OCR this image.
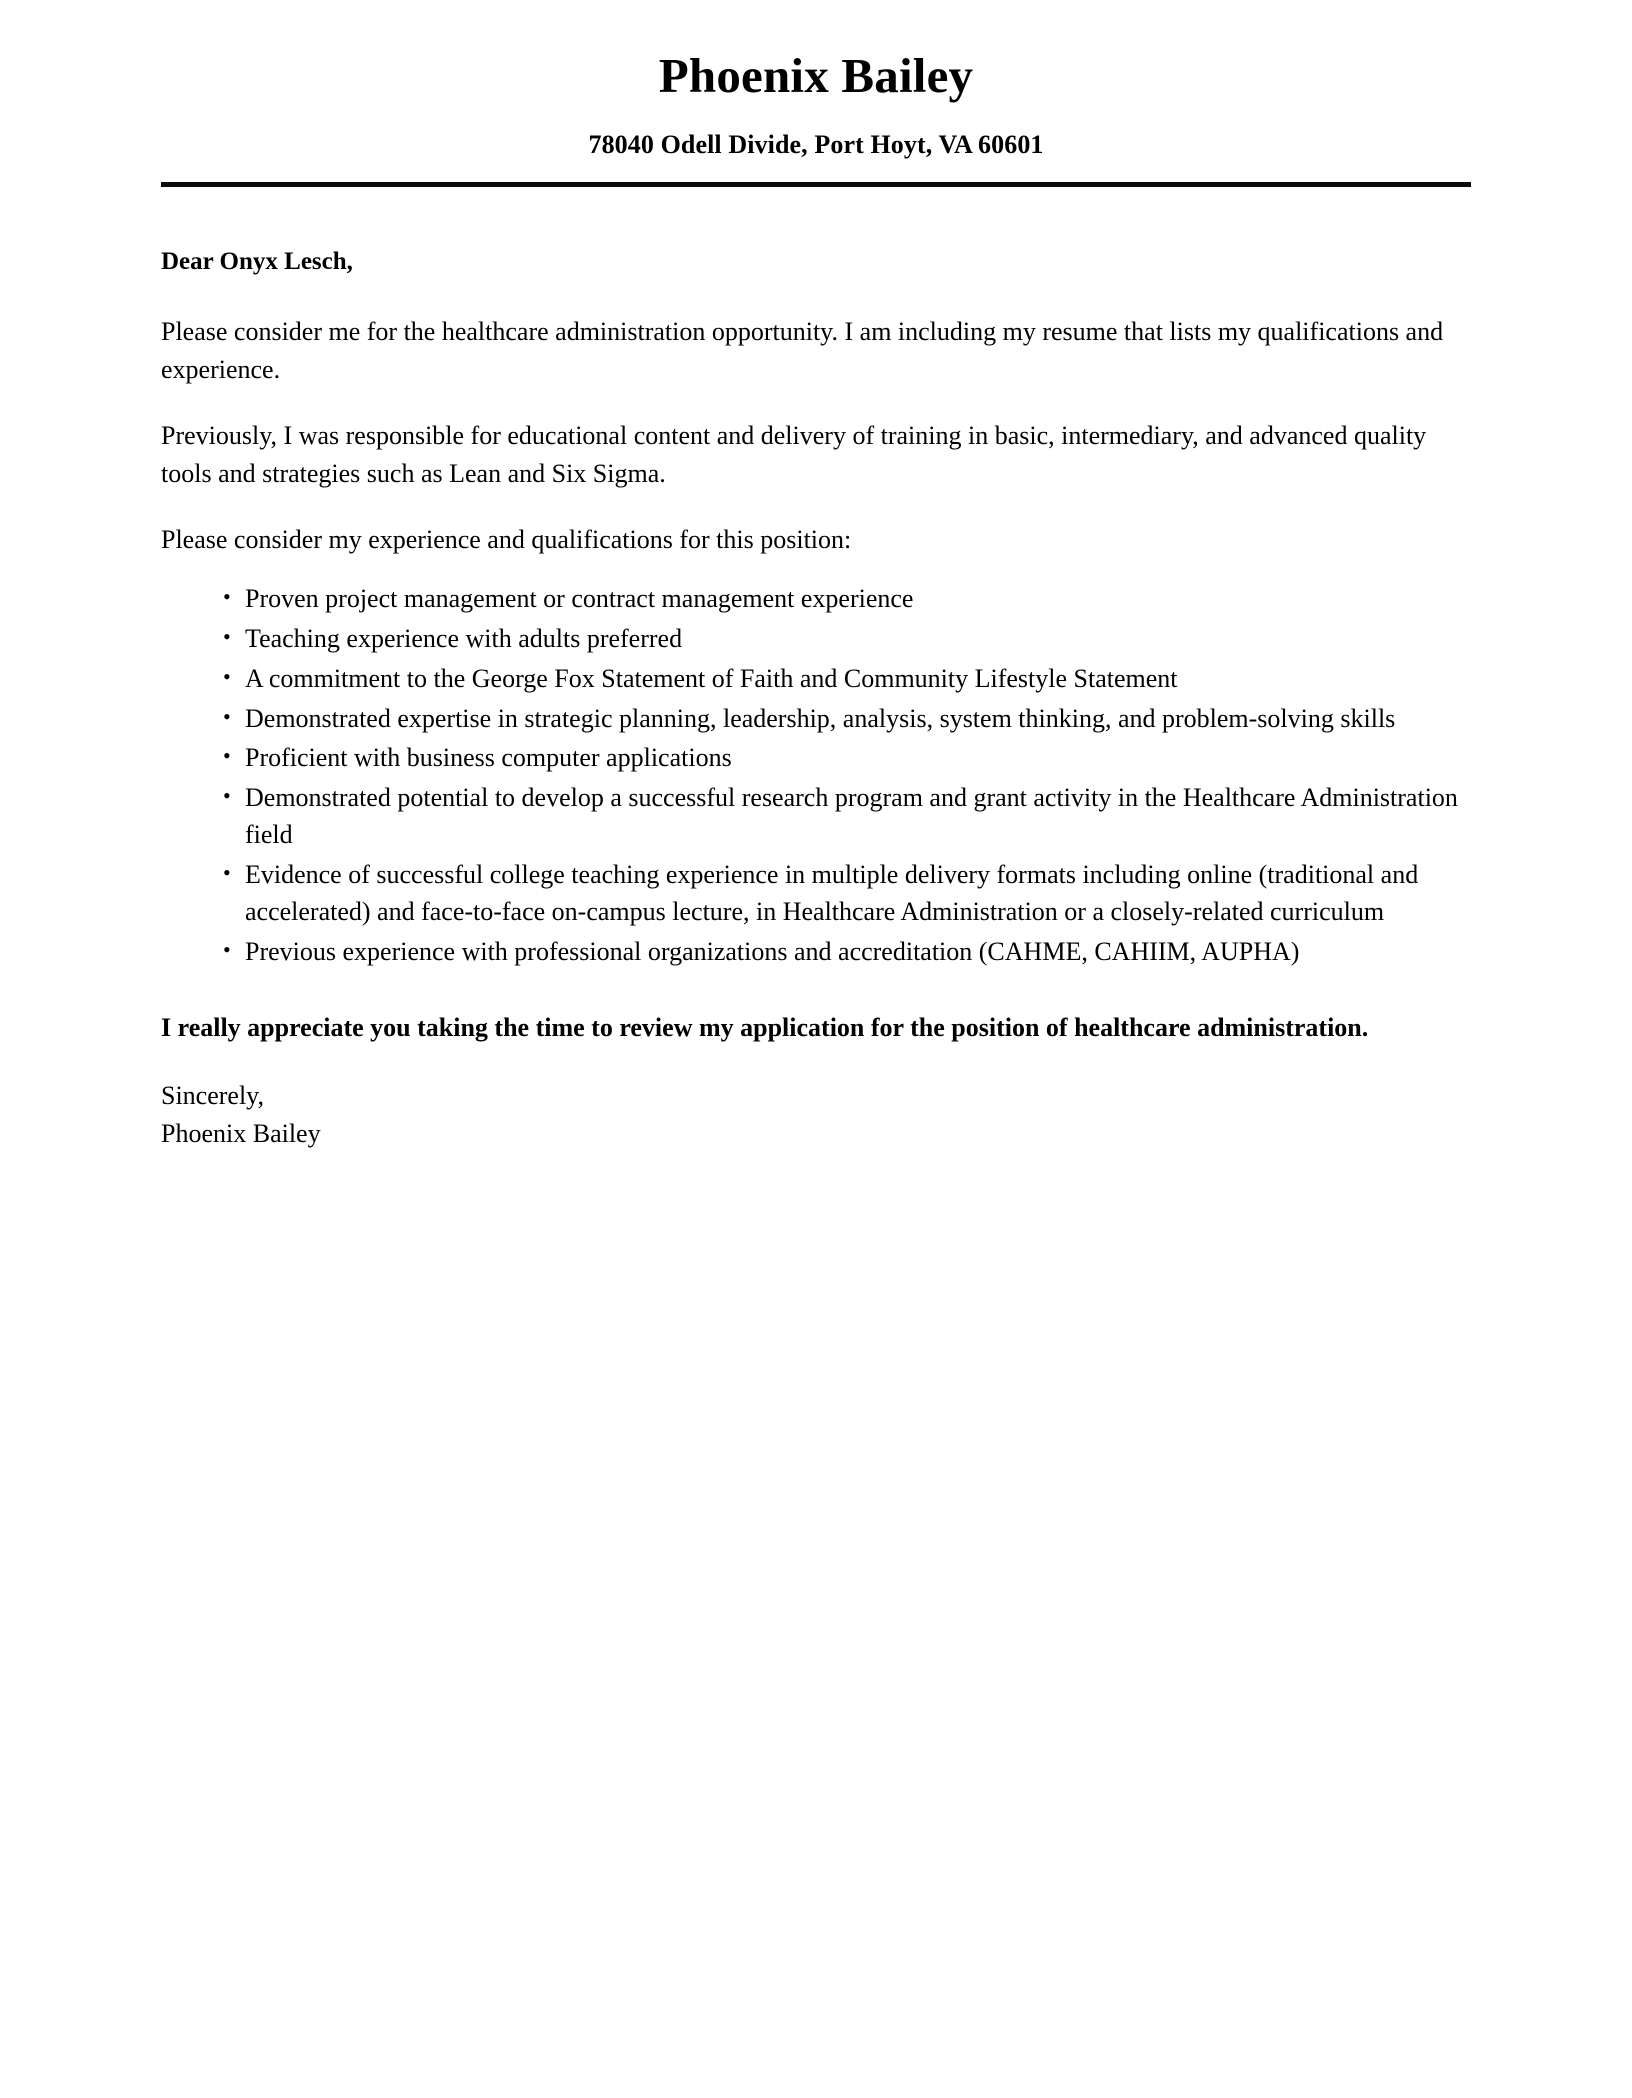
Phoenix Bailey
78040 Odell Divide, Port Hoyt, VA 60601

Dear Onyx Lesch,

Please consider me for the healthcare administration opportunity. I am including my resume that lists my qualifications and experience.

Previously, I was responsible for educational content and delivery of training in basic, intermediary, and advanced quality tools and strategies such as Lean and Six Sigma.

Please consider my experience and qualifications for this position:

• Proven project management or contract management experience
• Teaching experience with adults preferred
• A commitment to the George Fox Statement of Faith and Community Lifestyle Statement
• Demonstrated expertise in strategic planning, leadership, analysis, system thinking, and problem-solving skills
• Proficient with business computer applications
• Demonstrated potential to develop a successful research program and grant activity in the Healthcare Administration field
• Evidence of successful college teaching experience in multiple delivery formats including online (traditional and accelerated) and face-to-face on-campus lecture, in Healthcare Administration or a closely-related curriculum
• Previous experience with professional organizations and accreditation (CAHME, CAHIIM, AUPHA)

I really appreciate you taking the time to review my application for the position of healthcare administration.

Sincerely,

Phoenix Bailey
